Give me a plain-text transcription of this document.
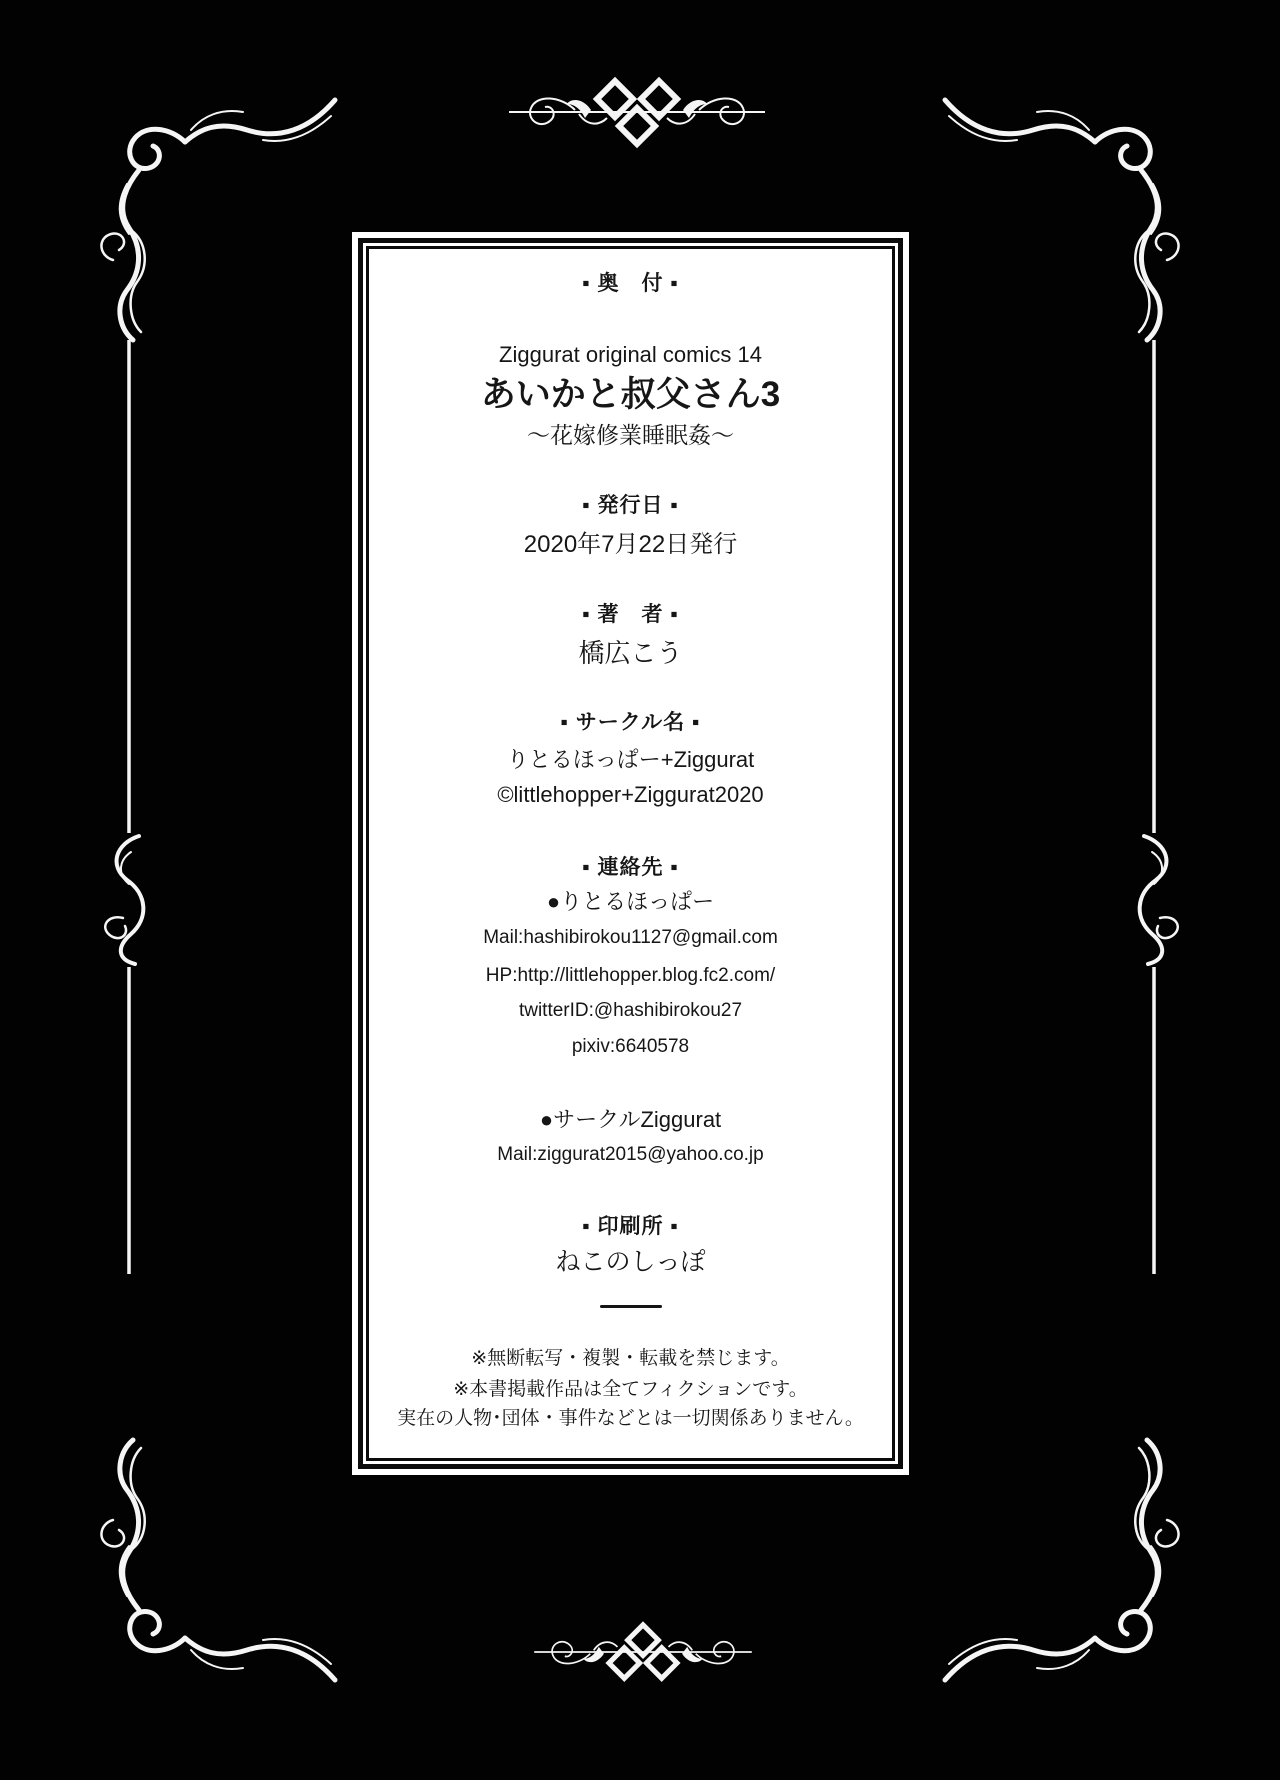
▪ 奥　付 ▪
Ziggurat original comics 14
あいかと叔父さん3
～花嫁修業睡眠姦～
▪ 発行日 ▪
2020年7月22日発行
▪ 著　者 ▪
橋広こう
▪ サークル名 ▪
りとるほっぱー+Ziggurat
©littlehopper+Ziggurat2020
▪ 連絡先 ▪
●りとるほっぱー
Mail:hashibirokou1127@gmail.com
HP:http://littlehopper.blog.fc2.com/
twitterID:@hashibirokou27
pixiv:6640578
●サークルZiggurat
Mail:ziggurat2015@yahoo.co.jp
▪ 印刷所 ▪
ねこのしっぽ
※無断転写・複製・転載を禁じます。
※本書掲載作品は全てフィクションです。
実在の人物･団体・事件などとは一切関係ありません。
